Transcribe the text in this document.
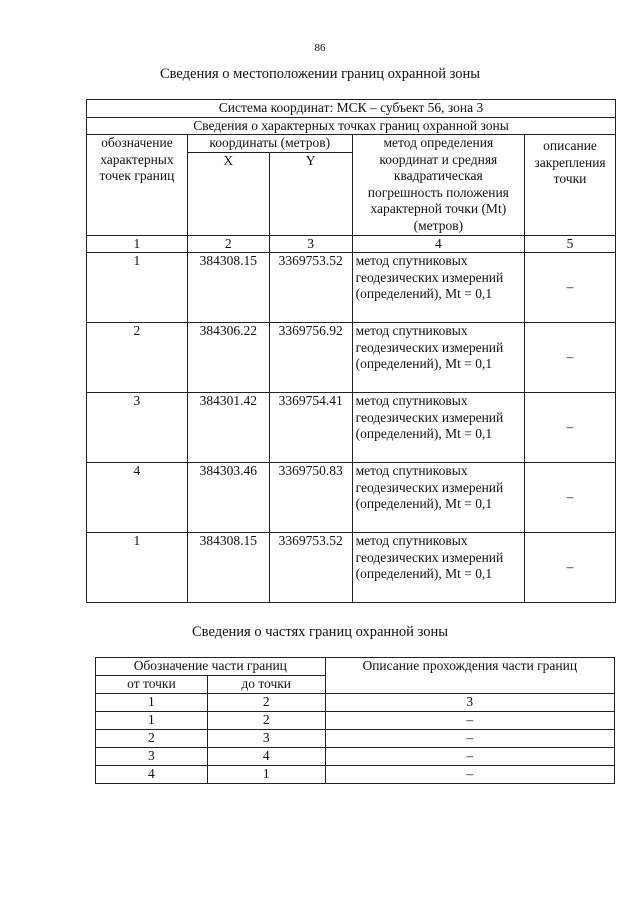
86
Сведения о местоположении границ охранной зоны
Система координат: МСК – субъект 56, зона 3				
Сведения о характерных точках границ охранной зоны				
обозначение характерных точек границ	координаты (метров)		метод определения координат и средняя квадратическая погрешность положения характерной точки (Mt) (метров)	описание закрепления точки
	X	Y		
1	2	3	4	5
1	384308.15	3369753.52	метод спутниковых геодезических измерений (определений), Mt = 0,1	–
2	384306.22	3369756.92	метод спутниковых геодезических измерений (определений), Mt = 0,1	–
3	384301.42	3369754.41	метод спутниковых геодезических измерений (определений), Mt = 0,1	–
4	384303.46	3369750.83	метод спутниковых геодезических измерений (определений), Mt = 0,1	–
1	384308.15	3369753.52	метод спутниковых геодезических измерений (определений), Mt = 0,1	–
Сведения о частях границ охранной зоны
Обозначение части границ		Описание прохождения части границ
от точки	до точки	
1	2	3
1	2	–
2	3	–
3	4	–
4	1	–
